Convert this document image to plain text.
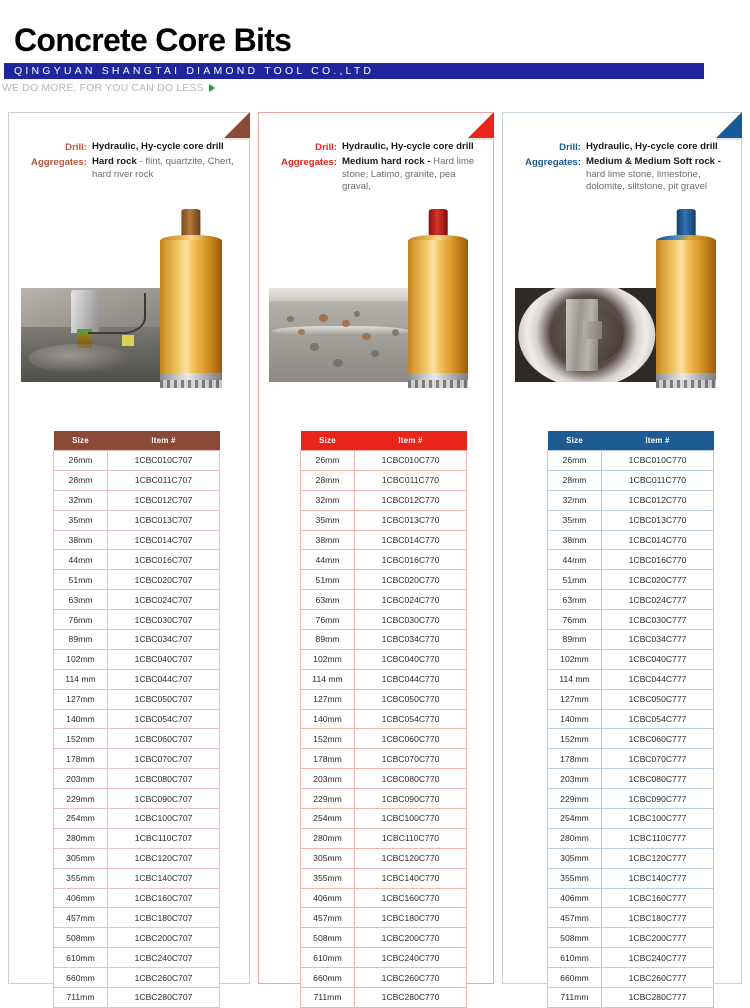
Concrete Core Bits
QINGYUAN SHANGTAI DIAMOND TOOL CO.,LTD
WE DO MORE, FOR YOU CAN DO LESS
Drill: Hydraulic, Hy-cycle core drill
Aggregates: Hard rock - flint, quartzite, Chert, hard river rock
Size	Item #
26mm	1CBC010C707
28mm	1CBC011C707
32mm	1CBC012C707
35mm	1CBC013C707
38mm	1CBC014C707
44mm	1CBC016C707
51mm	1CBC020C707
63mm	1CBC024C707
76mm	1CBC030C707
89mm	1CBC034C707
102mm	1CBC040C707
114 mm	1CBC044C707
127mm	1CBC050C707
140mm	1CBC054C707
152mm	1CBC060C707
178mm	1CBC070C707
203mm	1CBC080C707
229mm	1CBC090C707
254mm	1CBC100C707
280mm	1CBC110C707
305mm	1CBC120C707
355mm	1CBC140C707
406mm	1CBC160C707
457mm	1CBC180C707
508mm	1CBC200C707
610mm	1CBC240C707
660mm	1CBC260C707
711mm	1CBC280C707
Drill: Hydraulic, Hy-cycle core drill
Aggregates: Medium hard rock - Hard lime stone, Latimo, granite, pea graval,
Size	Item #
26mm	1CBC010C770
28mm	1CBC011C770
32mm	1CBC012C770
35mm	1CBC013C770
38mm	1CBC014C770
44mm	1CBC016C770
51mm	1CBC020C770
63mm	1CBC024C770
76mm	1CBC030C770
89mm	1CBC034C770
102mm	1CBC040C770
114 mm	1CBC044C770
127mm	1CBC050C770
140mm	1CBC054C770
152mm	1CBC060C770
178mm	1CBC070C770
203mm	1CBC080C770
229mm	1CBC090C770
254mm	1CBC100C770
280mm	1CBC110C770
305mm	1CBC120C770
355mm	1CBC140C770
406mm	1CBC160C770
457mm	1CBC180C770
508mm	1CBC200C770
610mm	1CBC240C770
660mm	1CBC260C770
711mm	1CBC280C770
Drill: Hydraulic, Hy-cycle core drill
Aggregates: Medium & Medium Soft rock - hard lime stone, limestone, dolomite, siltstone, pit gravel
Size	Item #
26mm	1CBC010C770
28mm	1CBC011C770
32mm	1CBC012C770
35mm	1CBC013C770
38mm	1CBC014C770
44mm	1CBC016C770
51mm	1CBC020C777
63mm	1CBC024C777
76mm	1CBC030C777
89mm	1CBC034C777
102mm	1CBC040C777
114 mm	1CBC044C777
127mm	1CBC050C777
140mm	1CBC054C777
152mm	1CBC060C777
178mm	1CBC070C777
203mm	1CBC080C777
229mm	1CBC090C777
254mm	1CBC100C777
280mm	1CBC110C777
305mm	1CBC120C777
355mm	1CBC140C777
406mm	1CBC160C777
457mm	1CBC180C777
508mm	1CBC200C777
610mm	1CBC240C777
660mm	1CBC260C777
711mm	1CBC280C777
